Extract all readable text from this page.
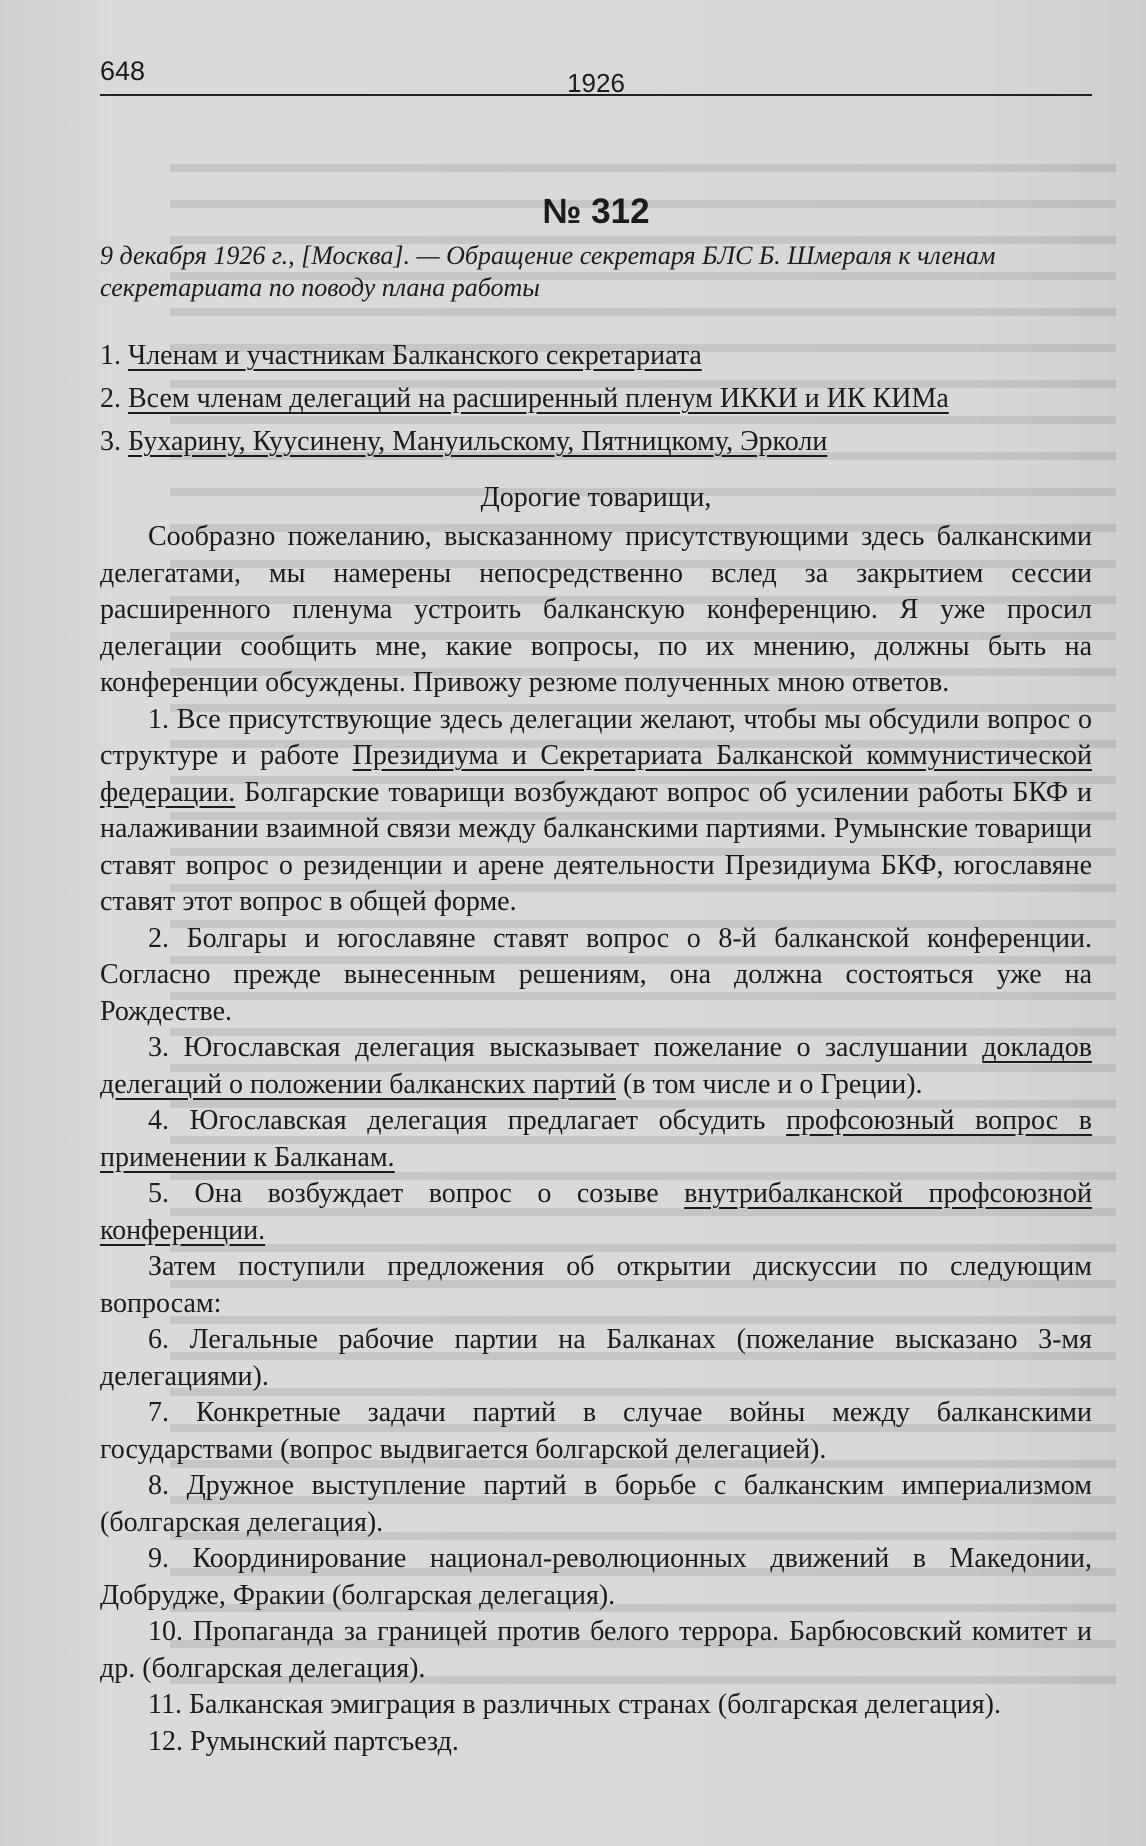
648	1926
№ 312

9 декабря 1926 г., [Москва]. — Обращение секретаря БЛС Б. Шмераля к членам секретариата по поводу плана работы

1. Членам и участникам Балканского секретариата
2. Всем членам делегаций на расширенный пленум ИККИ и ИК КИМа
3. Бухарину, Куусинену, Мануильскому, Пятницкому, Эрколи
Дорогие товарищи,

Сообразно пожеланию, высказанному присутствующими здесь балканскими делегатами, мы намерены непосредственно вслед за закрытием сессии расширенного пленума устроить балканскую конференцию. Я уже просил делегации сообщить мне, какие вопросы, по их мнению, должны быть на конференции обсуждены. Привожу резюме полученных мною ответов.

1. Все присутствующие здесь делегации желают, чтобы мы обсудили вопрос о структуре и работе Президиума и Секретариата Балканской коммунистической федерации. Болгарские товарищи возбуждают вопрос об усилении работы БКФ и налаживании взаимной связи между балканскими партиями. Румынские товарищи ставят вопрос о резиденции и арене деятельности Президиума БКФ, югославяне ставят этот вопрос в общей форме.

2. Болгары и югославяне ставят вопрос о 8-й балканской конференции. Согласно прежде вынесенным решениям, она должна состояться уже на Рождестве.

3. Югославская делегация высказывает пожелание о заслушании докладов делегаций о положении балканских партий (в том числе и о Греции).

4. Югославская делегация предлагает обсудить профсоюзный вопрос в применении к Балканам.

5. Она возбуждает вопрос о созыве внутрибалканской профсоюзной конференции.

Затем поступили предложения об открытии дискуссии по следующим вопросам:

6. Легальные рабочие партии на Балканах (пожелание высказано 3-мя делегациями).

7. Конкретные задачи партий в случае войны между балканскими государствами (вопрос выдвигается болгарской делегацией).

8. Дружное выступление партий в борьбе с балканским империализмом (болгарская делегация).

9. Координирование национал-революционных движений в Македонии, Добрудже, Фракии (болгарская делегация).

10. Пропаганда за границей против белого террора. Барбюсовский комитет и др. (болгарская делегация).

11. Балканская эмиграция в различных странах (болгарская делегация).

12. Румынский партсъезд.
